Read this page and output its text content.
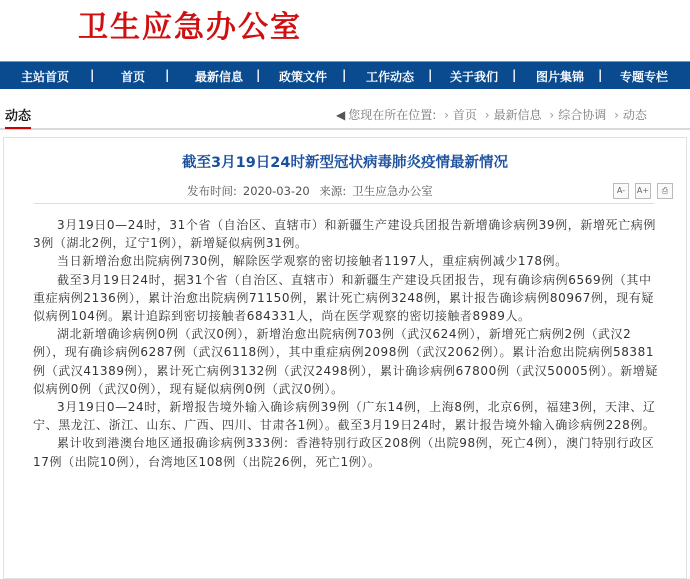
卫生应急办公室
主站首页 | 首页 | 最新信息 | 政策文件 | 工作动态 | 关于我们 | 图片集锦 | 专题专栏
动态	◀ 您现在所在位置: › 首页 › 最新信息 › 综合协调 › 动态
截至3月19日24时新型冠状病毒肺炎疫情最新情况
发布时间: 2020-03-20 来源: 卫生应急办公室	A-	A+	⎙

3月19日0—24时，31个省（自治区、直辖市）和新疆生产建设兵团报告新增确诊病例39例，新增死亡病例3例（湖北2例，辽宁1例），新增疑似病例31例。

当日新增治愈出院病例730例，解除医学观察的密切接触者1197人，重症病例减少178例。

截至3月19日24时，据31个省（自治区、直辖市）和新疆生产建设兵团报告，现有确诊病例6569例（其中重症病例2136例），累计治愈出院病例71150例，累计死亡病例3248例，累计报告确诊病例80967例，现有疑似病例104例。累计追踪到密切接触者684331人，尚在医学观察的密切接触者8989人。

湖北新增确诊病例0例（武汉0例），新增治愈出院病例703例（武汉624例），新增死亡病例2例（武汉2例），现有确诊病例6287例（武汉6118例），其中重症病例2098例（武汉2062例）。累计治愈出院病例58381例（武汉41389例），累计死亡病例3132例（武汉2498例），累计确诊病例67800例（武汉50005例）。新增疑似病例0例（武汉0例），现有疑似病例0例（武汉0例）。

3月19日0—24时，新增报告境外输入确诊病例39例（广东14例，上海8例，北京6例，福建3例，天津、辽宁、黑龙江、浙江、山东、广西、四川、甘肃各1例）。截至3月19日24时，累计报告境外输入确诊病例228例。

累计收到港澳台地区通报确诊病例333例：香港特别行政区208例（出院98例，死亡4例），澳门特别行政区17例（出院10例），台湾地区108例（出院26例，死亡1例）。
